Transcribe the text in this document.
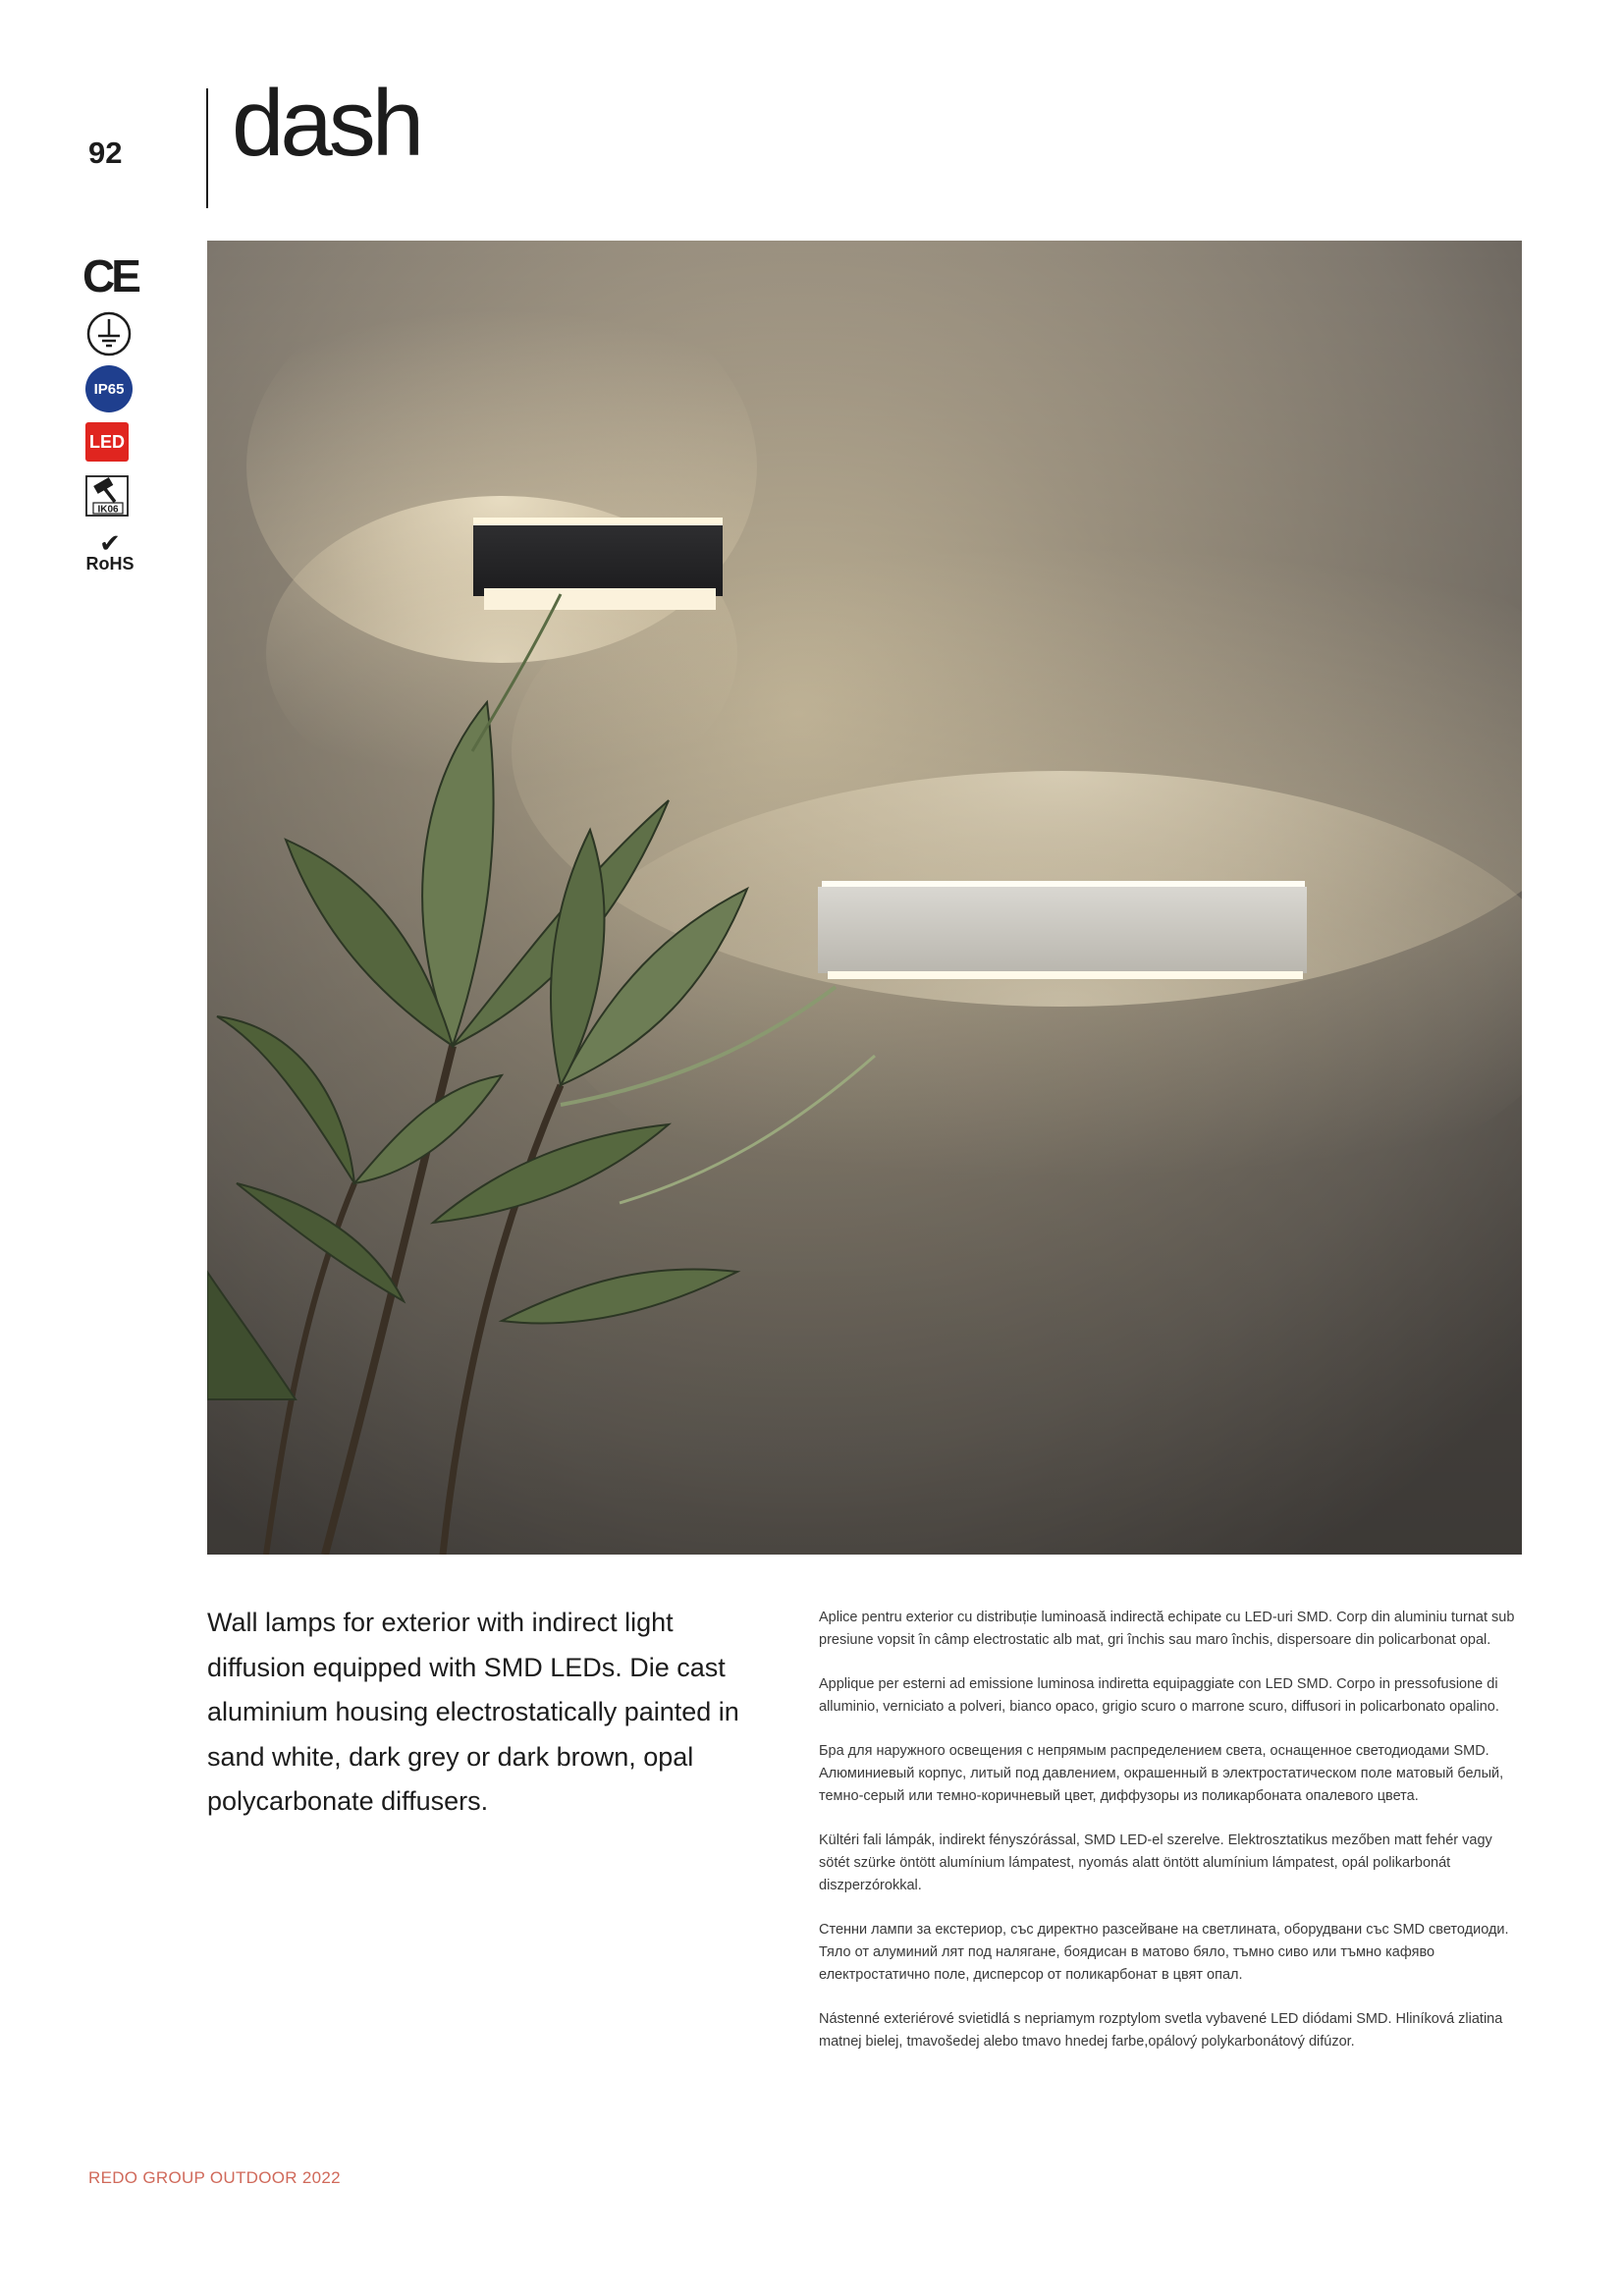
92 dash
CE
IP65
LED
IK06
✔
RoHS
Wall lamps for exterior with indirect light diffusion equipped with SMD LEDs. Die cast aluminium housing electrostatically painted in sand white, dark grey or dark brown, opal polycarbonate diffusers.

Aplice pentru exterior cu distribuție luminoasă indirectă echipate cu LED-uri SMD. Corp din aluminiu turnat sub presiune vopsit în câmp electrostatic alb mat, gri închis sau maro închis, dispersoare din policarbonat opal.

Applique per esterni ad emissione luminosa indiretta equipaggiate con LED SMD. Corpo in pressofusione di alluminio, verniciato a polveri, bianco opaco, grigio scuro o marrone scuro, diffusori in policarbonato opalino.

Бра для наружного освещения с непрямым распределением света, оснащенное светодиодами SMD. Алюминиевый корпус, литый под давлением, окрашенный в электростатическом поле матовый белый, темно-серый или темно-коричневый цвет, диффузоры из поликарбоната опалевого цвета.

Kültéri fali lámpák, indirekt fényszórással, SMD LED-el szerelve. Elektrosztatikus mezőben matt fehér vagy sötét szürke öntött alumínium lámpatest, nyomás alatt öntött alumínium lámpatest, opál polikarbonát diszperzórokkal.

Стенни лампи за екстериор, със директно разсейване на светлината, оборудвани със SMD светодиоди. Тяло от алуминий лят под налягане, боядисан в матово бяло, тъмно сиво или тъмно кафяво електростатично поле, дисперсор от поликарбонат в цвят опал.

Nástenné exteriérové svietidlá s nepriamym rozptylom svetla vybavené LED diódami SMD. Hliníková zliatina matnej bielej, tmavošedej alebo tmavo hnedej farbe,opálový polykarbonátový difúzor.

REDO GROUP OUTDOOR 2022
